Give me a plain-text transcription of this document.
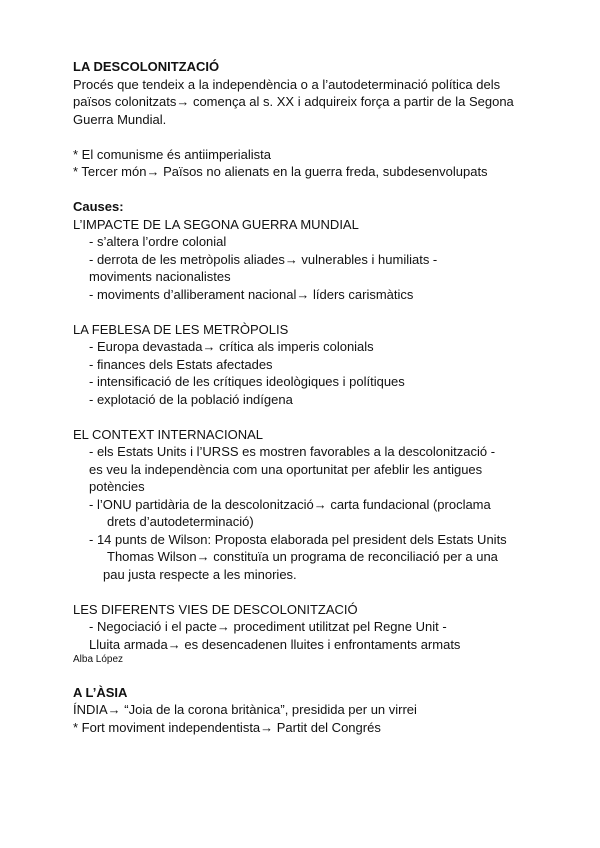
LA DESCOLONITZACIÓ

Procés que tendeix a la independència o a l’autodeterminació política dels

països colonitzats→ comença al s. XX i adquireix força a partir de la Segona

Guerra Mundial.

* El comunisme és antiimperialista

* Tercer món→ Països no alienats en la guerra freda, subdesenvolupats

Causes:

L’IMPACTE DE LA SEGONA GUERRA MUNDIAL

- s’altera l’ordre colonial

- derrota de les metròpolis aliades→ vulnerables i humiliats -

moviments nacionalistes

- moviments d’alliberament nacional→ líders carismàtics

LA FEBLESA DE LES METRÒPOLIS

- Europa devastada→ crítica als imperis colonials

- finances dels Estats afectades

- intensificació de les crítiques ideològiques i polítiques

- explotació de la població indígena

EL CONTEXT INTERNACIONAL

- els Estats Units i l’URSS es mostren favorables a la descolonització -

es veu la independència com una oportunitat per afeblir les antigues

potències

- l’ONU partidària de la descolonització→ carta fundacional (proclama

drets d’autodeterminació)

- 14 punts de Wilson: Proposta elaborada pel president dels Estats Units

Thomas Wilson→ constituïa un programa de reconciliació per a una

pau justa respecte a les minories.

LES DIFERENTS VIES DE DESCOLONITZACIÓ

- Negociació i el pacte→ procediment utilitzat pel Regne Unit -

Lluita armada→ es desencadenen lluites i enfrontaments armats

Alba López

A L’ÀSIA

ÍNDIA→ “Joia de la corona britànica”, presidida per un virrei

* Fort moviment independentista→ Partit del Congrés
